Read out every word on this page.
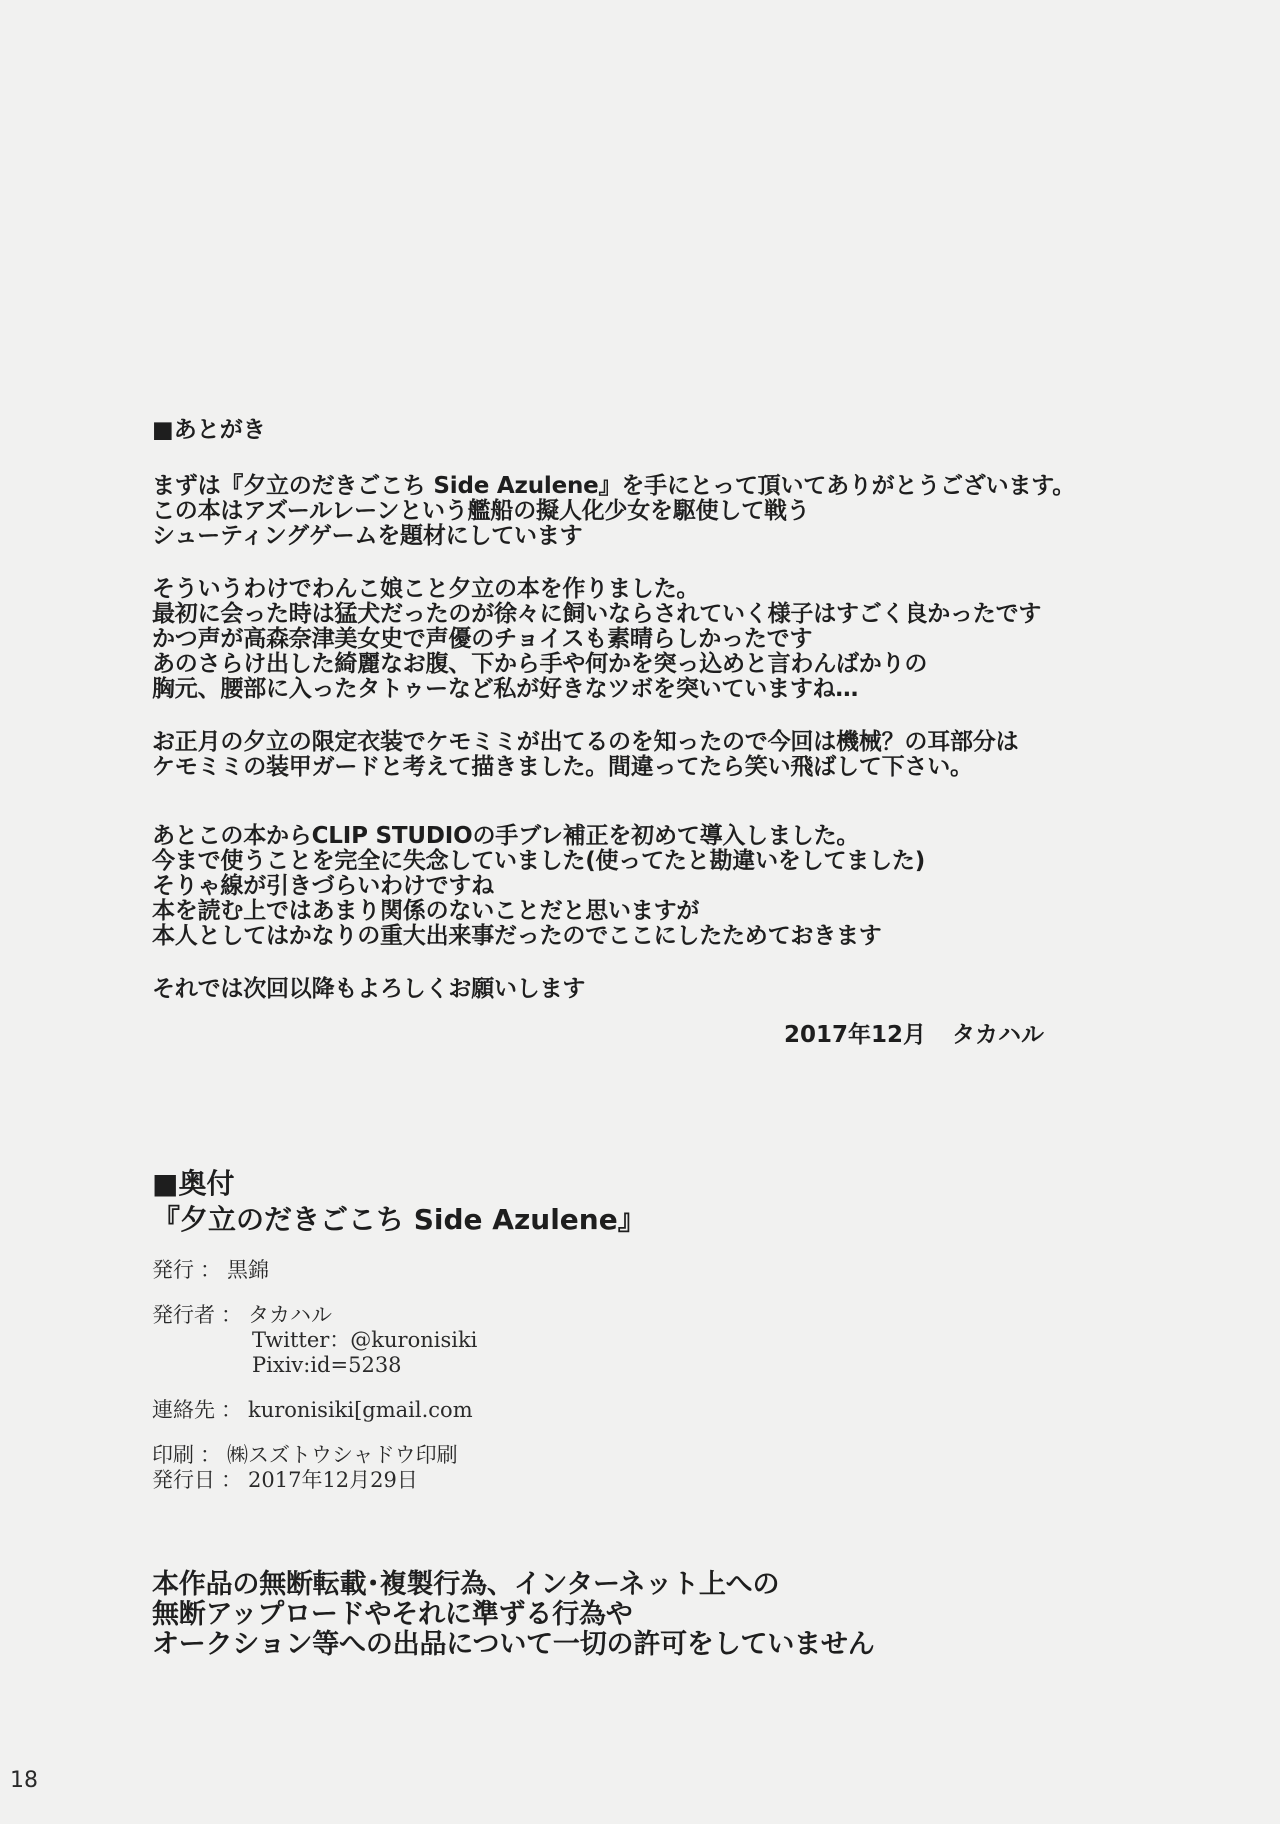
■あとがき
まずは『夕立のだきごこち Side Azulene』を手にとって頂いてありがとうございます。
この本はアズールレーンという艦船の擬人化少女を駆使して戦う
シューティングゲームを題材にしています
そういうわけでわんこ娘こと夕立の本を作りました。
最初に会った時は猛犬だったのが徐々に飼いならされていく様子はすごく良かったです
かつ声が高森奈津美女史で声優のチョイスも素晴らしかったです
あのさらけ出した綺麗なお腹、下から手や何かを突っ込めと言わんばかりの
胸元、腰部に入ったタトゥーなど私が好きなツボを突いていますね…
お正月の夕立の限定衣装でケモミミが出てるのを知ったので今回は機械？の耳部分は
ケモミミの装甲ガードと考えて描きました。間違ってたら笑い飛ばして下さい。
あとこの本からCLIP STUDIOの手ブレ補正を初めて導入しました。
今まで使うことを完全に失念していました(使ってたと勘違いをしてました)
そりゃ線が引きづらいわけですね
本を読む上ではあまり関係のないことだと思いますが
本人としてはかなりの重大出来事だったのでここにしたためておきます
それでは次回以降もよろしくお願いします
2017年12月 タカハル
■奥付
『夕立のだきごこち Side Azulene』
発行 ： 黒錦
発行者 ： タカハル
Twitter：@kuronisiki
Pixiv:id=5238
連絡先 ： kuronisiki[gmail.com
印刷 ： ㈱スズトウシャドウ印刷
発行日 ： 2017年12月29日
本作品の無断転載･複製行為、インターネット上への
無断アップロードやそれに準ずる行為や
オークション等への出品について一切の許可をしていません
18
